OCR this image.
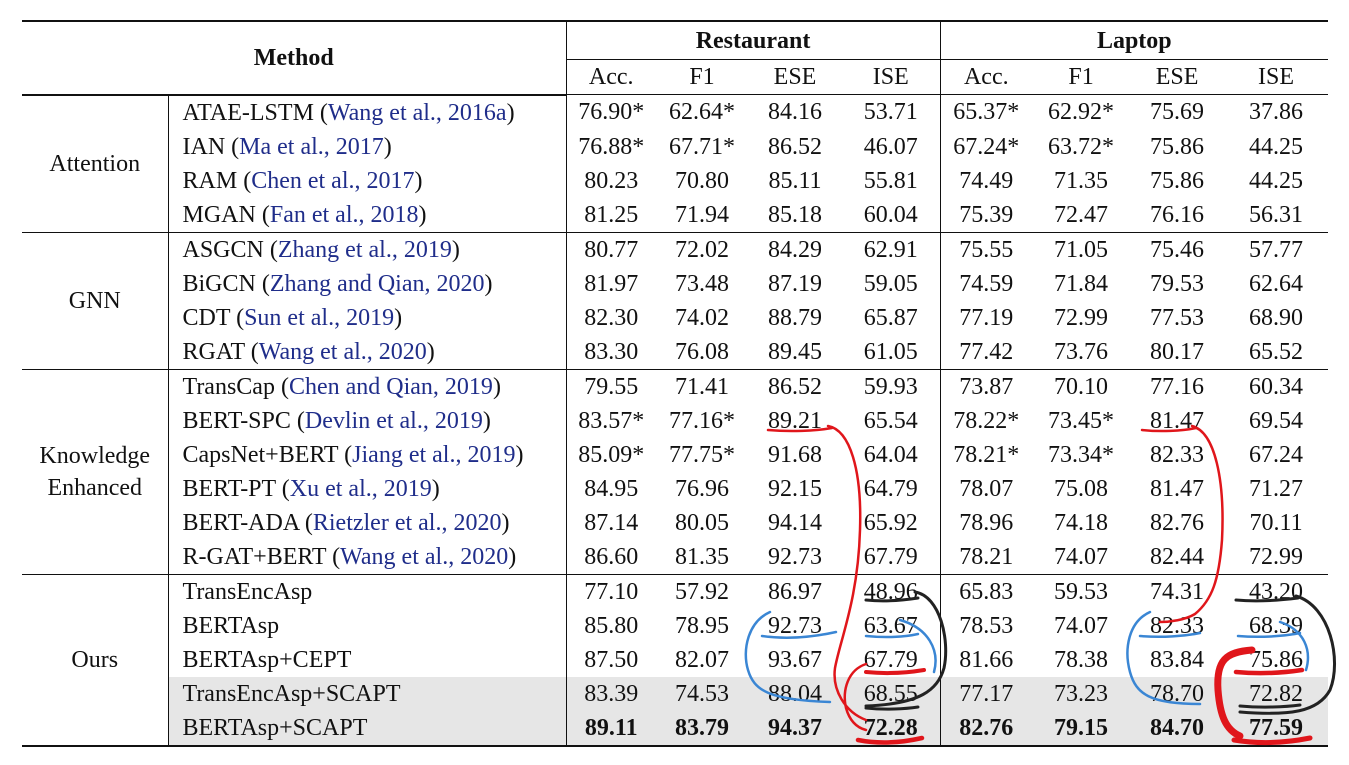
Method		Restaurant				Laptop			
		Acc.	F1	ESE	ISE	Acc.	F1	ESE	ISE
Attention	ATAE-LSTM (Wang et al., 2016a)	76.90*	62.64*	84.16	53.71	65.37*	62.92*	75.69	37.86
	IAN (Ma et al., 2017)	76.88*	67.71*	86.52	46.07	67.24*	63.72*	75.86	44.25
	RAM (Chen et al., 2017)	80.23	70.80	85.11	55.81	74.49	71.35	75.86	44.25
	MGAN (Fan et al., 2018)	81.25	71.94	85.18	60.04	75.39	72.47	76.16	56.31
GNN	ASGCN (Zhang et al., 2019)	80.77	72.02	84.29	62.91	75.55	71.05	75.46	57.77
	BiGCN (Zhang and Qian, 2020)	81.97	73.48	87.19	59.05	74.59	71.84	79.53	62.64
	CDT (Sun et al., 2019)	82.30	74.02	88.79	65.87	77.19	72.99	77.53	68.90
	RGAT (Wang et al., 2020)	83.30	76.08	89.45	61.05	77.42	73.76	80.17	65.52
Knowledge
Enhanced	TransCap (Chen and Qian, 2019)	79.55	71.41	86.52	59.93	73.87	70.10	77.16	60.34
	BERT-SPC (Devlin et al., 2019)	83.57*	77.16*	89.21	65.54	78.22*	73.45*	81.47	69.54
	CapsNet+BERT (Jiang et al., 2019)	85.09*	77.75*	91.68	64.04	78.21*	73.34*	82.33	67.24
	BERT-PT (Xu et al., 2019)	84.95	76.96	92.15	64.79	78.07	75.08	81.47	71.27
	BERT-ADA (Rietzler et al., 2020)	87.14	80.05	94.14	65.92	78.96	74.18	82.76	70.11
	R-GAT+BERT (Wang et al., 2020)	86.60	81.35	92.73	67.79	78.21	74.07	82.44	72.99
Ours	TransEncAsp	77.10	57.92	86.97	48.96	65.83	59.53	74.31	43.20
	BERTAsp	85.80	78.95	92.73	63.67	78.53	74.07	82.33	68.39
	BERTAsp+CEPT	87.50	82.07	93.67	67.79	81.66	78.38	83.84	75.86
	TransEncAsp+SCAPT	83.39	74.53	88.04	68.55	77.17	73.23	78.70	72.82
	BERTAsp+SCAPT	89.11	83.79	94.37	72.28	82.76	79.15	84.70	77.59
